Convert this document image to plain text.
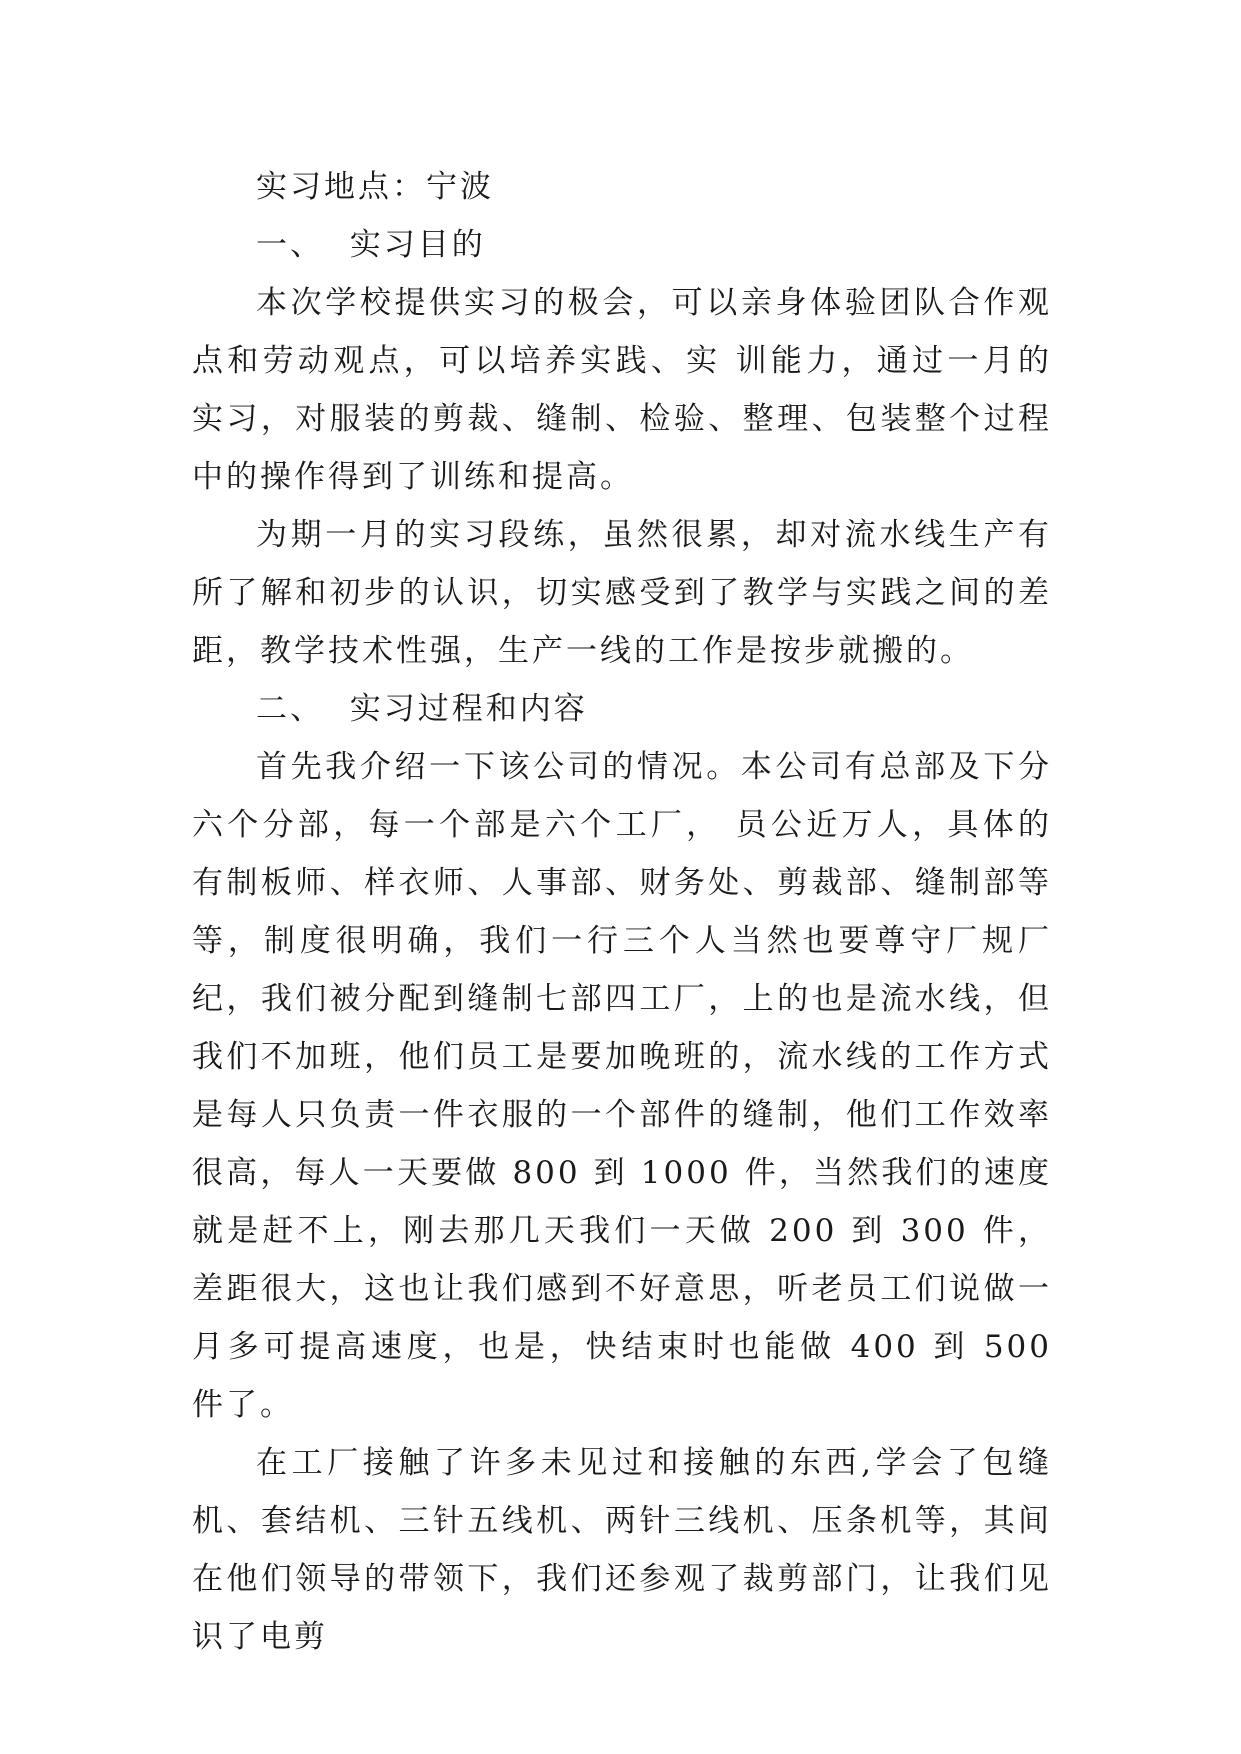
实习地点：宁波

一、  实习目的

本次学校提供实习的极会，可以亲身体验团队合作观点和劳动观点，可以培养实践、实 训能力，通过一月的实习，对服装的剪裁、缝制、检验、整理、包装整个过程中的操作得到了训练和提高。

为期一月的实习段练，虽然很累，却对流水线生产有所了解和初步的认识，切实感受到了教学与实践之间的差距，教学技术性强，生产一线的工作是按步就搬的。

二、  实习过程和内容

首先我介绍一下该公司的情况。本公司有总部及下分六个分部，每一个部是六个工厂， 员公近万人，具体的有制板师、样衣师、人事部、财务处、剪裁部、缝制部等等，制度很明确，我们一行三个人当然也要尊守厂规厂纪，我们被分配到缝制七部四工厂，上的也是流水线，但我们不加班，他们员工是要加晚班的，流水线的工作方式是每人只负责一件衣服的一个部件的缝制，他们工作效率很高，每人一天要做 800 到 1000 件，当然我们的速度就是赶不上，刚去那几天我们一天做 200 到 300 件，差距很大，这也让我们感到不好意思，听老员工们说做一月多可提高速度，也是，快结束时也能做 400 到 500 件了。

在工厂接触了许多未见过和接触的东西,学会了包缝机、套结机、三针五线机、两针三线机、压条机等，其间在他们领导的带领下，我们还参观了裁剪部门，让我们见识了电剪
